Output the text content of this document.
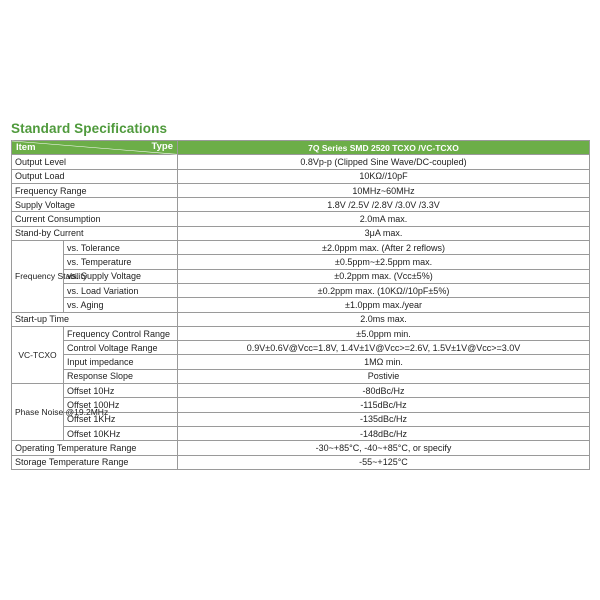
Standard Specifications
Type
Item		7Q Series SMD 2520 TCXO /VC-TCXO
Output Level		0.8Vp-p (Clipped Sine Wave/DC-coupled)
Output Load		10KΩ//10pF
Frequency Range		10MHz~60MHz
Supply Voltage		1.8V /2.5V /2.8V /3.0V /3.3V
Current Consumption		2.0mA max.
Stand-by Current		3μA max.
Frequency Stability	vs. Tolerance	±2.0ppm max. (After 2 reflows)
	vs. Temperature	±0.5ppm~±2.5ppm max.
	vs. Supply Voltage	±0.2ppm max. (Vcc±5%)
	vs. Load Variation	±0.2ppm max. (10KΩ//10pF±5%)
	vs. Aging	±1.0ppm max./year
Start-up Time		2.0ms max.
VC-TCXO	Frequency Control Range	±5.0ppm min.
	Control Voltage Range	0.9V±0.6V@Vcc=1.8V, 1.4V±1V@Vcc>=2.6V, 1.5V±1V@Vcc>=3.0V
	Input impedance	1MΩ min.
	Response Slope	Postivie
Phase Noise @19.2MHz	Offset 10Hz	-80dBc/Hz
	Offset 100Hz	-115dBc/Hz
	Offset 1KHz	-135dBc/Hz
	Offset 10KHz	-148dBc/Hz
Operating Temperature Range		-30~+85°C, -40~+85°C, or specify
Storage Temperature Range		-55~+125°C
